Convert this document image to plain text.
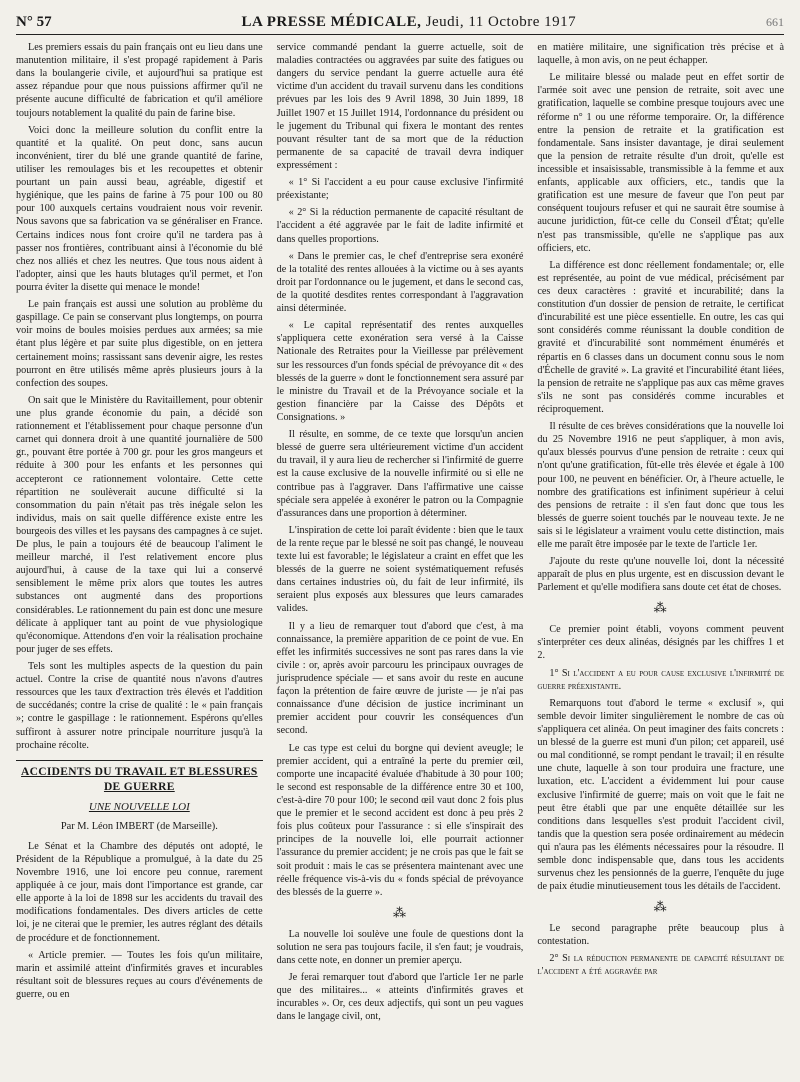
N° 57	LA PRESSE MÉDICALE, Jeudi, 11 Octobre 1917	661

Les premiers essais du pain français ont eu lieu dans une manutention militaire, il s'est propagé rapidement à Paris dans la boulangerie civile, et aujourd'hui sa pratique est assez répandue pour que nous puissions affirmer qu'il ne présente aucune difficulté de fabrication et qu'il améliore toujours notablement la qualité du pain de farine bise.

Voici donc la meilleure solution du conflit entre la quantité et la qualité. On peut donc, sans aucun inconvénient, tirer du blé une grande quantité de farine, utiliser les remoulages bis et les recoupettes et obtenir pourtant un pain aussi beau, agréable, digestif et hygiénique, que les pains de farine à 75 pour 100 ou 80 pour 100 auxquels certains voudraient nous voir revenir. Nous savons que sa fabrication va se généraliser en France. Certains indices nous font croire qu'il ne tardera pas à passer nos frontières, contribuant ainsi à l'économie du blé chez nos alliés et chez les neutres. Que tous nous aident à l'adopter, ainsi que les hauts blutages qu'il permet, et l'on pourra éviter la disette qui menace le monde!

Le pain français est aussi une solution au problème du gaspillage. Ce pain se conservant plus longtemps, on pourra voir moins de boules moisies perdues aux armées; sa mie étant plus légère et par suite plus digestible, on en jettera certainement moins; rassissant sans devenir aigre, les restes pourront en être utilisés même après plusieurs jours à la confection des soupes.

On sait que le Ministère du Ravitaillement, pour obtenir une plus grande économie du pain, a décidé son rationnement et l'établissement pour chaque personne d'un carnet qui donnera droit à une quantité journalière de 500 gr., pouvant être portée à 700 gr. pour les gros mangeurs et réduite à 300 pour les enfants et les personnes qui accepteront ce rationnement volontaire. Cette cette répartition ne soulèverait aucune difficulté si la consommation du pain n'était pas très inégale selon les individus, mais on sait quelle différence existe entre les bourgeois des villes et les paysans des campagnes à ce sujet. De plus, le pain a toujours été de beaucoup l'aliment le meilleur marché, il l'est relativement encore plus aujourd'hui, à cause de la taxe qui lui a conservé sensiblement le même prix alors que toutes les autres substances ont augmenté dans des proportions considérables. Le rationnement du pain est donc une mesure délicate à appliquer tant au point de vue physiologique qu'économique. Attendons d'en voir la réalisation prochaine pour juger de ses effets.

Tels sont les multiples aspects de la question du pain actuel. Contre la crise de quantité nous n'avons d'autres ressources que les taux d'extraction très élevés et l'addition de succédanés; contre la crise de qualité : le « pain français »; contre le gaspillage : le rationnement. Espérons qu'elles suffiront à assurer notre principale nourriture jusqu'à la prochaine récolte.

ACCIDENTS DU TRAVAIL ET BLESSURES DE GUERRE
UNE NOUVELLE LOI
Par M. Léon IMBERT (de Marseille).

Le Sénat et la Chambre des députés ont adopté, le Président de la République a promulgué, à la date du 25 Novembre 1916, une loi encore peu connue, rarement appliquée à ce jour, mais dont l'importance est grande, car elle apporte à la loi de 1898 sur les accidents du travail des modifications fondamentales. Des divers articles de cette loi, je ne citerai que le premier, les autres réglant des détails de procédure et de fonctionnement.

« Article premier. — Toutes les fois qu'un militaire, marin et assimilé atteint d'infirmités graves et incurables résultant soit de blessures reçues au cours d'événements de guerre, ou en

service commandé pendant la guerre actuelle, soit de maladies contractées ou aggravées par suite des fatigues ou dangers du service pendant la guerre actuelle aura été victime d'un accident du travail survenu dans les conditions prévues par les lois des 9 Avril 1898, 30 Juin 1899, 18 Juillet 1907 et 15 Juillet 1914, l'ordonnance du président ou le jugement du Tribunal qui fixera le montant des rentes pouvant résulter tant de sa mort que de la réduction permanente de sa capacité de travail devra indiquer expressément :

« 1° Si l'accident a eu pour cause exclusive l'infirmité préexistante;

« 2° Si la réduction permanente de capacité résultant de l'accident a été aggravée par le fait de ladite infirmité et dans quelles proportions.

« Dans le premier cas, le chef d'entreprise sera exonéré de la totalité des rentes allouées à la victime ou à ses ayants droit par l'ordonnance ou le jugement, et dans le second cas, de la quotité desdites rentes correspondant à l'aggravation ainsi déterminée.

« Le capital représentatif des rentes auxquelles s'appliquera cette exonération sera versé à la Caisse Nationale des Retraites pour la Vieillesse par prélèvement sur les ressources d'un fonds spécial de prévoyance dit « des blessés de la guerre » dont le fonctionnement sera assuré par le ministre du Travail et de la Prévoyance sociale et la gestion financière par la Caisse des Dépôts et Consignations. »

Il résulte, en somme, de ce texte que lorsqu'un ancien blessé de guerre sera ultérieurement victime d'un accident du travail, il y aura lieu de rechercher si l'infirmité de guerre est la cause exclusive de la nouvelle infirmité ou si elle ne contribue pas à l'aggraver. Dans l'affirmative une caisse spéciale sera appelée à exonérer le patron ou la Compagnie d'assurances dans une proportion à déterminer.

L'inspiration de cette loi paraît évidente : bien que le taux de la rente reçue par le blessé ne soit pas changé, le nouveau texte lui est favorable; le législateur a craint en effet que les blessés de la guerre ne soient systématiquement refusés dans certaines industries où, du fait de leur infirmité, ils seraient plus exposés aux blessures que leurs camarades valides.

Il y a lieu de remarquer tout d'abord que c'est, à ma connaissance, la première apparition de ce point de vue. En effet les infirmités successives ne sont pas rares dans la vie civile : or, après avoir parcouru les principaux ouvrages de jurisprudence spéciale — et sans avoir du reste en aucune façon la prétention de faire œuvre de juriste — je n'ai pas connaissance d'une décision de justice incriminant un premier accident pour couvrir les conséquences d'un second.

Le cas type est celui du borgne qui devient aveugle; le premier accident, qui a entraîné la perte du premier œil, comporte une incapacité évaluée d'habitude à 30 pour 100; le second est responsable de la différence entre 30 et 100, c'est-à-dire 70 pour 100; le second œil vaut donc 2 fois plus que le premier et le second accident est donc à peu près 2 fois plus coûteux pour l'assurance : si elle s'inspirait des principes de la nouvelle loi, elle pourrait actionner l'assurance du premier accident; je ne crois pas que le fait se soit produit : mais le cas se présentera maintenant avec une réelle fréquence vis-à-vis du « fonds spécial de prévoyance des blessés de la guerre ».

⁂

La nouvelle loi soulève une foule de questions dont la solution ne sera pas toujours facile, il s'en faut; je voudrais, dans cette note, en donner un premier aperçu.

Je ferai remarquer tout d'abord que l'article 1er ne parle que des militaires... « atteints d'infirmités graves et incurables ». Or, ces deux adjectifs, qui sont un peu vagues dans le langage civil, ont,

en matière militaire, une signification très précise et à laquelle, à mon avis, on ne peut échapper.

Le militaire blessé ou malade peut en effet sortir de l'armée soit avec une pension de retraite, soit avec une gratification, laquelle se combine presque toujours avec une réforme n° 1 ou une réforme temporaire. Or, la différence entre la pension de retraite et la gratification est fondamentale. Sans insister davantage, je dirai seulement que la pension de retraite résulte d'un droit, qu'elle est incessible et insaisissable, transmissible à la femme et aux enfants, applicable aux officiers, etc., tandis que la gratification est une mesure de faveur que l'on peut par conséquent toujours refuser et qui ne saurait être soumise à aucune juridiction, fût-ce celle du Conseil d'État; qu'elle n'est pas transmissible, qu'elle ne s'applique pas aux officiers, etc.

La différence est donc réellement fondamentale; or, elle est représentée, au point de vue médical, précisément par ces deux caractères : gravité et incurabilité; dans la constitution d'un dossier de pension de retraite, le certificat d'incurabilité est une pièce essentielle. En outre, les cas qui sont considérés comme réunissant la double condition de gravité et d'incurabilité sont nommément énumérés et répartis en 6 classes dans un document connu sous le nom d'Échelle de gravité ». La gravité et l'incurabilité étant liées, la pension de retraite ne s'applique pas aux cas même graves s'ils ne sont pas considérés comme incurables et réciproquement.

Il résulte de ces brèves considérations que la nouvelle loi du 25 Novembre 1916 ne peut s'appliquer, à mon avis, qu'aux blessés pourvus d'une pension de retraite : ceux qui n'ont qu'une gratification, fût-elle très élevée et égale à 100 pour 100, ne peuvent en bénéficier. Or, à l'heure actuelle, le nombre des gratifications est infiniment supérieur à celui des pensions de retraite : il s'en faut donc que tous les blessés de guerre soient touchés par le nouveau texte. Je ne sais si le législateur a vraiment voulu cette distinction, mais elle me paraît être imposée par le texte de l'article 1er.

J'ajoute du reste qu'une nouvelle loi, dont la nécessité apparaît de plus en plus urgente, est en discussion devant le Parlement et qu'elle modifiera sans doute cet état de choses.

⁂

Ce premier point établi, voyons comment peuvent s'interpréter ces deux alinéas, désignés par les chiffres 1 et 2.

1° Si l'accident a eu pour cause exclusive l'infirmité de guerre préexistante.

Remarquons tout d'abord le terme « exclusif », qui semble devoir limiter singulièrement le nombre de cas où s'appliquera cet alinéa. On peut imaginer des faits concrets : un blessé de la guerre est muni d'un pilon; cet appareil, usé ou mal conditionné, se rompt pendant le travail; il en résulte une chute, laquelle à son tour produira une fracture, une luxation, etc. L'accident a évidemment lui pour cause exclusive l'infirmité de guerre; mais on voit que le fait ne peut être établi que par une enquête détaillée sur les conditions dans lesquelles s'est produit l'accident civil, tandis que la question sera posée ordinairement au médecin qui n'aura pas les éléments nécessaires pour la résoudre. Il semble donc indispensable que, dans tous les accidents survenus chez les pensionnés de la guerre, l'enquête du juge de paix étudie minutieusement tous les détails de l'accident.

⁂

Le second paragraphe prête beaucoup plus à contestation.

2° Si la réduction permanente de capacité résultant de l'accident a été aggravée par
